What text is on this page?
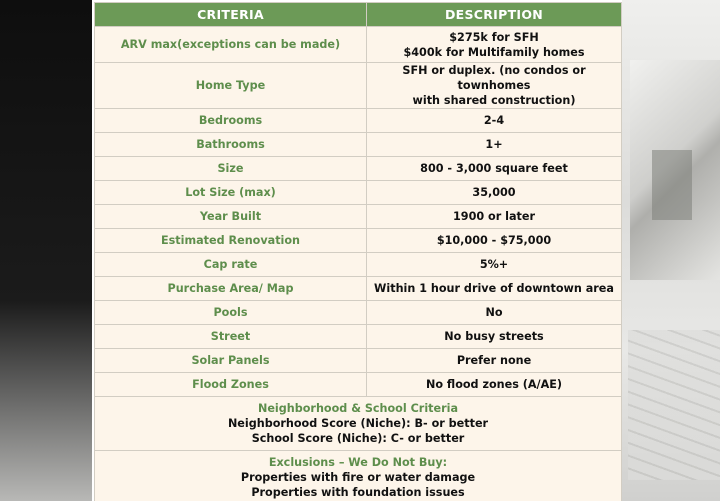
CRITERIA	DESCRIPTION
ARV max(exceptions can be made)	$275k for SFH
$400k for Multifamily homes

Home Type	SFH or duplex. (no condos or townhomes
with shared construction)

Bedrooms	2-4
Bathrooms	1+
Size	800 - 3,000 square feet
Lot Size (max)	35,000
Year Built	1900 or later
Estimated Renovation	$10,000 - $75,000
Cap rate	5%+
Purchase Area/ Map	Within 1 hour drive of downtown area
Pools	No
Street	No busy streets
Solar Panels	Prefer none
Flood Zones	No flood zones (A/AE)

Neighborhood & School Criteria
Neighborhood Score (Niche): B- or better
School Score (Niche): C- or better	

Exclusions – We Do Not Buy:
Properties with fire or water damage
Properties with foundation issues	
